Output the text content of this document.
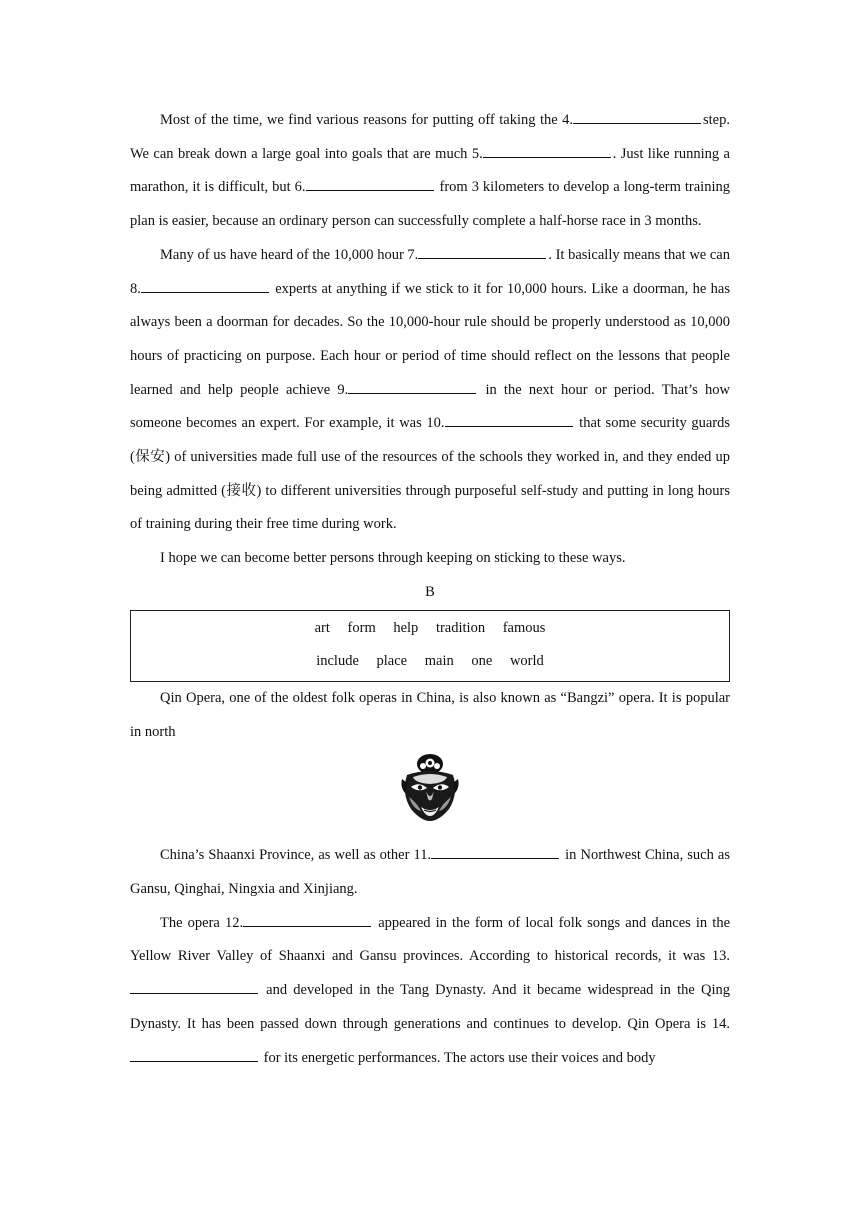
Most of the time, we find various reasons for putting off taking the 4.	step. We can break down a large goal into goals that are much 5.	. Just like running a marathon, it is difficult, but 6.	from 3 kilometers to develop a long-term training plan is easier, because an ordinary person can successfully complete a half-horse race in 3 months.

Many of us have heard of the 10,000 hour 7.	. It basically means that we can 8.	experts at anything if we stick to it for 10,000 hours. Like a doorman, he has always been a doorman for decades. So the 10,000-hour rule should be properly understood as 10,000 hours of practicing on purpose. Each hour or period of time should reflect on the lessons that people learned and help people achieve 9.	in the next hour or period. That’s how someone becomes an expert. For example, it was 10.	that some security guards (保安) of universities made full use of the resources of the schools they worked in, and they ended up being admitted (接收) to different universities through purposeful self-study and putting in long hours of training during their free time during work.

I hope we can become better persons through keeping on sticking to these ways.

B
art form help tradition famous
include place main one world

Qin Opera, one of the oldest folk operas in China, is also known as “Bangzi” opera. It is popular in north

China’s Shaanxi Province, as well as other 11.	in Northwest China, such as Gansu, Qinghai, Ningxia and Xinjiang.

The opera 12.	appeared in the form of local folk songs and dances in the Yellow River Valley of Shaanxi and Gansu provinces. According to historical records, it was 13. and developed in the Tang Dynasty. And it became widespread in the Qing Dynasty. It has been passed down through generations and continues to develop. Qin Opera is 14. for its energetic performances. The actors use their voices and body
